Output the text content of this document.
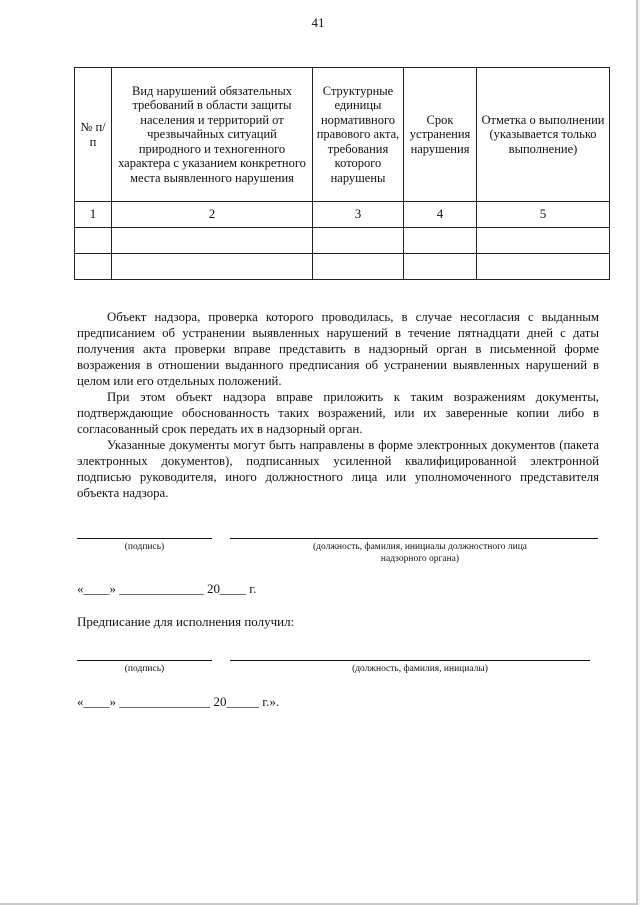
41
№ п/п	Вид нарушений обязательных требований в области защиты населения и территорий от чрезвычайных ситуаций природного и техногенного характера с указанием конкретного места выявленного нарушения	Структурные единицы нормативного правового акта, требования которого нарушены	Срок устранения нарушения	Отметка о выполнении (указывается только выполнение)
1	2	3	4	5

Объект надзора, проверка которого проводилась, в случае несогласия с выданным предписанием об устранении выявленных нарушений в течение пятнадцати дней с даты получения акта проверки вправе представить в надзорный орган в письменной форме возражения в отношении выданного предписания об устранении выявленных нарушений в целом или его отдельных положений.

При этом объект надзора вправе приложить к таким возражениям документы, подтверждающие обоснованность таких возражений, или их заверенные копии либо в согласованный срок передать их в надзорный орган.

Указанные документы могут быть направлены в форме электронных документов (пакета электронных документов), подписанных усиленной квалифицированной электронной подписью руководителя, иного должностного лица или уполномоченного представителя объекта надзора.

(подпись)	(должность, фамилия, инициалы должностного лица надзорного органа)
«____» _____________ 20____ г.
Предписание для исполнения получил:
(подпись)	(должность, фамилия, инициалы)
«____» ______________ 20_____ г.».
